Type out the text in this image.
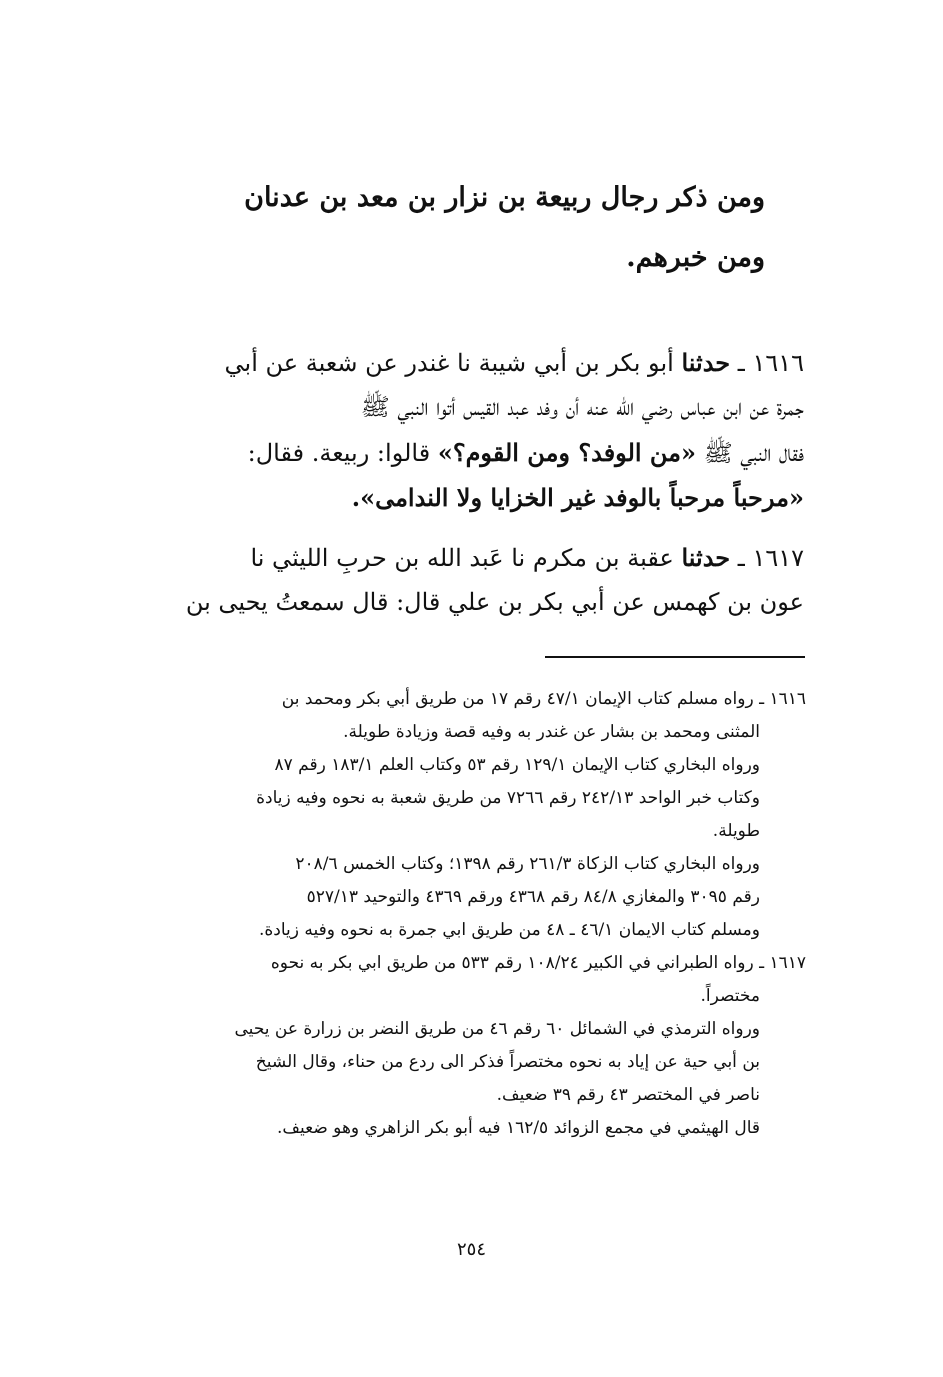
ومن ذكر رجال ربيعة بن نزار بن معد بن عدنان
ومن خبرهم.
١٦١٦ ـ حدثنا أبو بكر بن أبي شيبة نا غندر عن شعبة عن أبي
جمرة عن ابن عباس رضي الله عنه أن وفد عبد القيس أتوا النبي ﷺ
فقال النبي ﷺ «من الوفد؟ ومن القوم؟» قالوا: ربيعة. فقال:
«مرحباً مرحباً بالوفد غير الخزايا ولا الندامى».
١٦١٧ ـ حدثنا عقبة بن مكرم نا عَبد الله بن حربِ الليثي نا
عون بن كهمس عن أبي بكر بن علي قال: قال سمعتُ يحيى بن
١٦١٦ ـ رواه مسلم كتاب الإيمان ٤٧/١ رقم ١٧ من طريق أبي بكر ومحمد بن
المثنى ومحمد بن بشار عن غندر به وفيه قصة وزيادة طويلة.
ورواه البخاري كتاب الإيمان ١٢٩/١ رقم ٥٣ وكتاب العلم ١٨٣/١ رقم ٨٧
وكتاب خبر الواحد ٢٤٢/١٣ رقم ٧٢٦٦ من طريق شعبة به نحوه وفيه زيادة
طويلة.
ورواه البخاري كتاب الزكاة ٢٦١/٣ رقم ١٣٩٨؛ وكتاب الخمس ٢٠٨/٦
رقم ٣٠٩٥ والمغازي ٨٤/٨ رقم ٤٣٦٨ ورقم ٤٣٦٩ والتوحيد ٥٢٧/١٣
ومسلم كتاب الايمان ٤٦/١ ـ ٤٨ من طريق ابي جمرة به نحوه وفيه زيادة.
١٦١٧ ـ رواه الطبراني في الكبير ١٠٨/٢٤ رقم ٥٣٣ من طريق ابي بكر به نحوه
مختصراً.
ورواه الترمذي في الشمائل ٦٠ رقم ٤٦ من طريق النضر بن زرارة عن يحيى
بن أبي حية عن إياد به نحوه مختصراً فذكر الى ردع من حناء، وقال الشيخ
ناصر في المختصر ٤٣ رقم ٣٩ ضعيف.
قال الهيثمي في مجمع الزوائد ١٦٢/٥ فيه أبو بكر الزاهري وهو ضعيف.
٢٥٤
